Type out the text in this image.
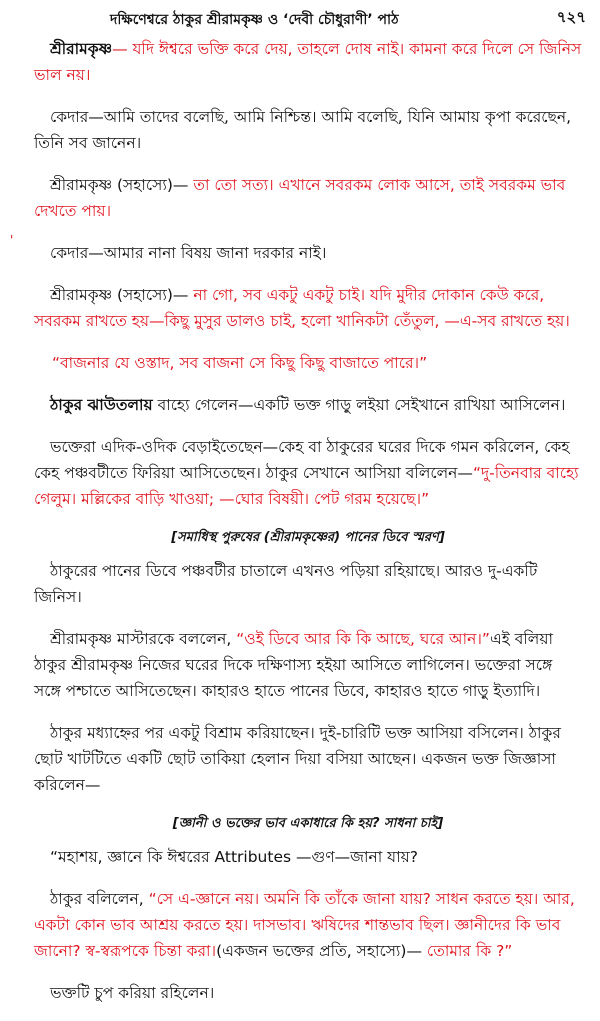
দক্ষিণেশ্বরে ঠাকুর শ্রীরামকৃষ্ণ ও ‘দেবী চৌধুরাণী’ পাঠ	৭২৭
'

শ্রীরামকৃষ্ণ— যদি ঈশ্বরে ভক্তি করে দেয়, তাহলে দোষ নাই। কামনা করে দিলে সে জিনিস ভাল নয়।

কেদার—আমি তাদের বলেছি, আমি নিশ্চিন্ত। আমি বলেছি, যিনি আমায় কৃপা করেছেন, তিনি সব জানেন।

শ্রীরামকৃষ্ণ (সহাস্যে)— তা তো সত্য। এখানে সবরকম লোক আসে, তাই সবরকম ভাব দেখতে পায়।

কেদার—আমার নানা বিষয় জানা দরকার নাই।

শ্রীরামকৃষ্ণ (সহাস্যে)— না গো, সব একটু একটু চাই। যদি মুদীর দোকান কেউ করে, সবরকম রাখতে হয়—কিছু মুসুর ডালও চাই, হলো খানিকটা তেঁতুল, —এ-সব রাখতে হয়।

“বাজনার যে ওস্তাদ, সব বাজনা সে কিছু কিছু বাজাতে পারে।”

ঠাকুর ঝাউতলায় বাহ্যে গেলেন—একটি ভক্ত গাড়ু লইয়া সেইখানে রাখিয়া আসিলেন।

ভক্তেরা এদিক-ওদিক বেড়াইতেছেন—কেহ বা ঠাকুরের ঘরের দিকে গমন করিলেন, কেহ কেহ পঞ্চবটীতে ফিরিয়া আসিতেছেন। ঠাকুর সেখানে আসিয়া বলিলেন—“দু-তিনবার বাহ্যে গেলুম। মল্লিকের বাড়ি খাওয়া; —ঘোর বিষয়ী। পেট গরম হয়েছে।”

[সমাধিস্থ পুরুষের (শ্রীরামকৃষ্ণের) পানের ডিবে স্মরণ]

ঠাকুরের পানের ডিবে পঞ্চবটীর চাতালে এখনও পড়িয়া রহিয়াছে। আরও দু-একটি জিনিস।

শ্রীরামকৃষ্ণ মাস্টারকে বললেন, “ওই ডিবে আর কি কি আছে, ঘরে আন।”এই বলিয়া ঠাকুর শ্রীরামকৃষ্ণ নিজের ঘরের দিকে দক্ষিণাস্য হইয়া আসিতে লাগিলেন। ভক্তেরা সঙ্গে সঙ্গে পশ্চাতে আসিতেছেন। কাহারও হাতে পানের ডিবে, কাহারও হাতে গাড়ু ইত্যাদি।

ঠাকুর মধ্যাহ্নের পর একটু বিশ্রাম করিয়াছেন। দুই-চারিটি ভক্ত আসিয়া বসিলেন। ঠাকুর ছোট খাটটিতে একটি ছোট তাকিয়া হেলান দিয়া বসিয়া আছেন। একজন ভক্ত জিজ্ঞাসা করিলেন—

[জ্ঞানী ও ভক্তের ভাব একাধারে কি হয়? সাধনা চাই]

“মহাশয়, জ্ঞানে কি ঈশ্বরের Attributes —গুণ—জানা যায়?

ঠাকুর বলিলেন, “সে এ-জ্ঞানে নয়। অমনি কি তাঁকে জানা যায়? সাধন করতে হয়। আর, একটা কোন ভাব আশ্রয় করতে হয়। দাসভাব। ঋষিদের শান্তভাব ছিল। জ্ঞানীদের কি ভাব জানো? স্ব-স্বরূপকে চিন্তা করা।(একজন ভক্তের প্রতি, সহাস্যে)— তোমার কি ?”

ভক্তটি চুপ করিয়া রহিলেন।
